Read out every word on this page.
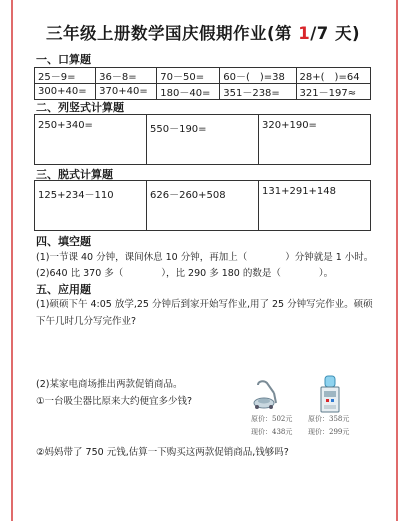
三年级上册数学国庆假期作业(第 1/7 天)
一、口算题
25－9=	36－8=	70－50=	60－(　)=38	28+(　)=64
300+40=	370+40=	180－40=	351－238=	321－197≈
二、列竖式计算题
250+340=	550－190=	320+190=
三、脱式计算题
125+234－110	626－260+508	131+291+148
四、填空题
(1)一节课 40 分钟，课间休息 10 分钟，再加上（　　　　）分钟就是 1 小时。
(2)640 比 370 多（　　　　），比 290 多 180 的数是（　　　　）。
五、应用题
(1)硕硕下午 4:05 放学,25 分钟后到家开始写作业,用了 25 分钟写完作业。硕硕下午几时几分写完作业?
(2)某家电商场推出两款促销商品。
①一台吸尘器比原来大约便宜多少钱?
原价：502元
现价：438元
原价：358元
现价：299元
②妈妈带了 750 元钱,估算一下购买这两款促销商品,钱够吗?
